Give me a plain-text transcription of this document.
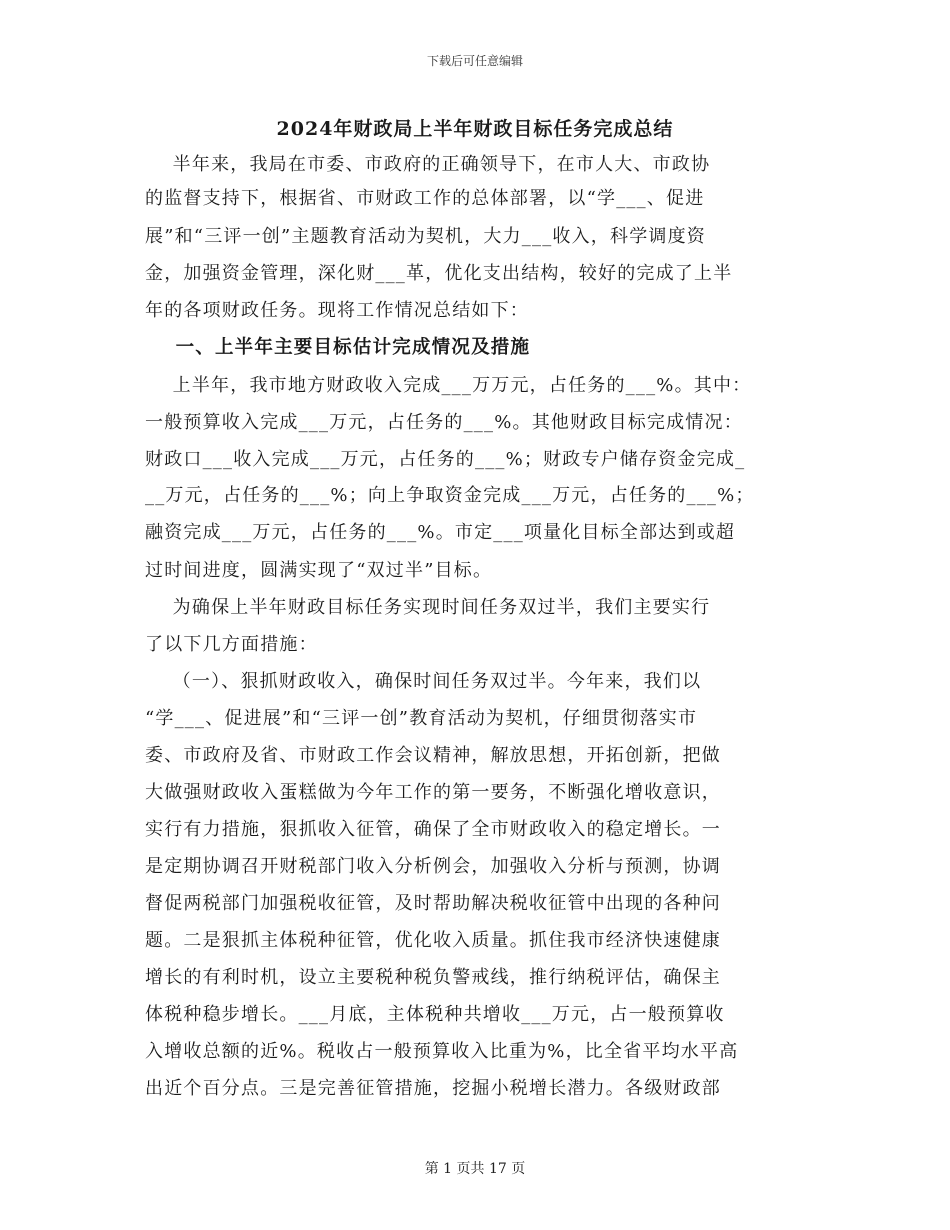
下载后可任意编辑
2024年财政局上半年财政目标任务完成总结
半年来，我局在市委、市政府的正确领导下，在市人大、市政协
的监督支持下，根据省、市财政工作的总体部署，以“学___、促进
展”和“三评一创”主题教育活动为契机，大力___收入，科学调度资
金，加强资金管理，深化财___革，优化支出结构，较好的完成了上半
年的各项财政任务。现将工作情况总结如下：
一、上半年主要目标估计完成情况及措施
上半年，我市地方财政收入完成___万万元，占任务的___%。其中：
一般预算收入完成___万元，占任务的___%。其他财政目标完成情况：
财政口___收入完成___万元，占任务的___%；财政专户储存资金完成_
__万元，占任务的___%；向上争取资金完成___万元，占任务的___%；
融资完成___万元，占任务的___%。市定___项量化目标全部达到或超
过时间进度，圆满实现了“双过半”目标。
为确保上半年财政目标任务实现时间任务双过半，我们主要实行
了以下几方面措施：
（一）、狠抓财政收入，确保时间任务双过半。今年来，我们以
“学___、促进展”和“三评一创”教育活动为契机，仔细贯彻落实市
委、市政府及省、市财政工作会议精神，解放思想，开拓创新，把做
大做强财政收入蛋糕做为今年工作的第一要务，不断强化增收意识，
实行有力措施，狠抓收入征管，确保了全市财政收入的稳定增长。一
是定期协调召开财税部门收入分析例会，加强收入分析与预测，协调
督促两税部门加强税收征管，及时帮助解决税收征管中出现的各种问
题。二是狠抓主体税种征管，优化收入质量。抓住我市经济快速健康
增长的有利时机，设立主要税种税负警戒线，推行纳税评估，确保主
体税种稳步增长。___月底，主体税种共增收___万元，占一般预算收
入增收总额的近%。税收占一般预算收入比重为%，比全省平均水平高
出近个百分点。三是完善征管措施，挖掘小税增长潜力。各级财政部
第 1 页共 17 页
